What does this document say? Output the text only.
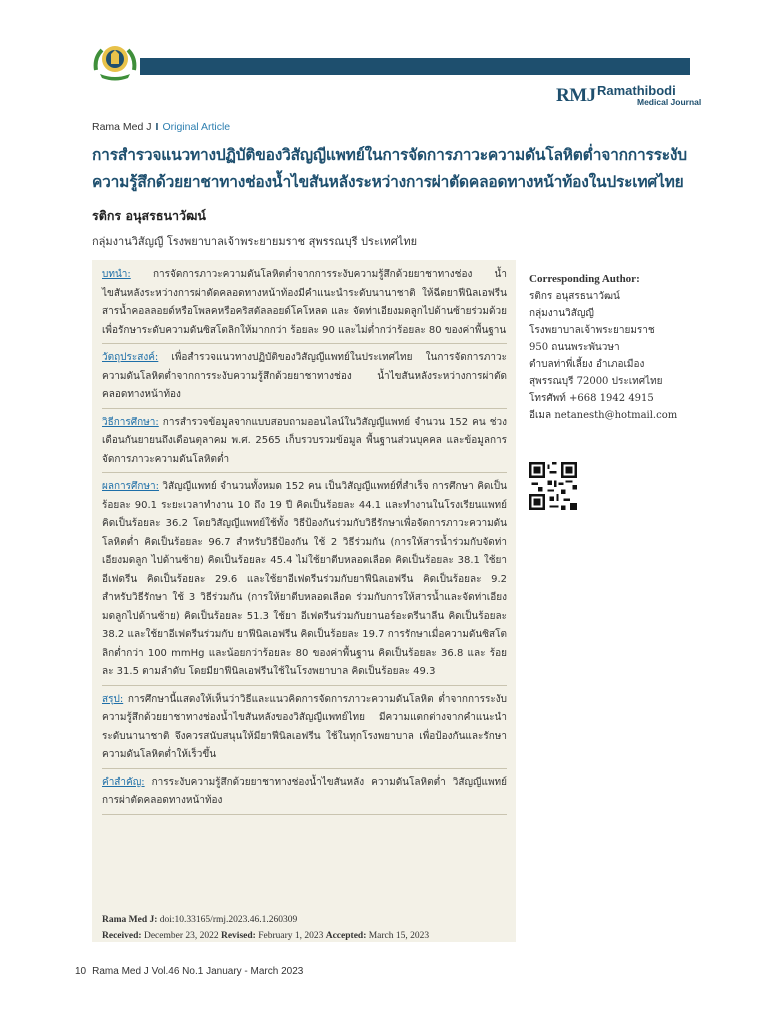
RMJ Ramathibodi
Medical Journal
Rama Med J I Original Article
การสำรวจแนวทางปฏิบัติของวิสัญญีแพทย์ในการจัดการภาวะความดันโลหิตต่ำจากการระงับ
ความรู้สึกด้วยยาชาทางช่องน้ำไขสันหลังระหว่างการผ่าตัดคลอดทางหน้าท้องในประเทศไทย
รติกร อนุสรธนาวัฒน์
กลุ่มงานวิสัญญี โรงพยาบาลเจ้าพระยายมราช สุพรรณบุรี ประเทศไทย
บทนำ: การจัดการภาวะความดันโลหิตต่ำจากการระงับความรู้สึกด้วยยาชาทางช่อง น้ำไขสันหลังระหว่างการผ่าตัดคลอดทางหน้าท้องมีคำแนะนำระดับนานาชาติ ให้ฉีดยาฟีนิลเอฟรีน สารน้ำคอลลอยด์หรือโพลคหรือคริสตัลลอยด์โคโหลด และ จัดท่าเอียงมดลูกไปด้านซ้ายร่วมด้วย เพื่อรักษาระดับความดันซิสโตลิกให้มากกว่า ร้อยละ 90 และไม่ต่ำกว่าร้อยละ 80 ของค่าพื้นฐาน
วัตถุประสงค์: เพื่อสำรวจแนวทางปฏิบัติของวิสัญญีแพทย์ในประเทศไทย ในการจัดการภาวะความดันโลหิตต่ำจากการระงับความรู้สึกด้วยยาชาทางช่อง	น้ำไขสันหลังระหว่างการผ่าตัดคลอดทางหน้าท้อง
วิธีการศึกษา: การสำรวจข้อมูลจากแบบสอบถามออนไลน์ในวิสัญญีแพทย์ จำนวน 152 คน ช่วงเดือนกันยายนถึงเดือนตุลาคม พ.ศ. 2565 เก็บรวบรวมข้อมูล พื้นฐานส่วนบุคคล และข้อมูลการจัดการภาวะความดันโลหิตต่ำ
ผลการศึกษา: วิสัญญีแพทย์ จำนวนทั้งหมด 152 คน เป็นวิสัญญีแพทย์ที่สำเร็จ การศึกษา คิดเป็นร้อยละ 90.1 ระยะเวลาทำงาน 10 ถึง 19 ปี คิดเป็นร้อยละ 44.1 และทำงานในโรงเรียนแพทย์ คิดเป็นร้อยละ 36.2 โดยวิสัญญีแพทย์ใช้ทั้ง วิธีป้องกันร่วมกับวิธีรักษาเพื่อจัดการภาวะความดันโลหิตต่ำ คิดเป็นร้อยละ 96.7 สำหรับวิธีป้องกัน ใช้ 2 วิธีร่วมกัน (การให้สารน้ำร่วมกับจัดท่าเอียงมดลูก ไปด้านซ้าย) คิดเป็นร้อยละ 45.4 ไม่ใช้ยาตีบหลอดเลือด คิดเป็นร้อยละ 38.1 ใช้ยาอีเฟดรีน คิดเป็นร้อยละ 29.6 และใช้ยาอีเฟดรีนร่วมกับยาฟีนิลเอฟรีน คิดเป็นร้อยละ 9.2 สำหรับวิธีรักษา ใช้ 3 วิธีร่วมกัน (การให้ยาตีบหลอดเลือด ร่วมกับการให้สารน้ำและจัดท่าเอียงมดลูกไปด้านซ้าย) คิดเป็นร้อยละ 51.3 ใช้ยา อีเฟดรีนร่วมกับยานอร์อะดรีนาลีน คิดเป็นร้อยละ 38.2 และใช้ยาอีเฟดรีนร่วมกับ ยาฟีนิลเอฟรีน คิดเป็นร้อยละ 19.7 การรักษาเมื่อความดันซิสโตลิกต่ำกว่า 100 mmHg และน้อยกว่าร้อยละ 80 ของค่าพื้นฐาน คิดเป็นร้อยละ 36.8 และ ร้อยละ 31.5 ตามลำดับ โดยมียาฟีนิลเอฟรีนใช้ในโรงพยาบาล คิดเป็นร้อยละ 49.3
สรุป: การศึกษานี้แสดงให้เห็นว่าวิธีและแนวคิดการจัดการภาวะความดันโลหิต ต่ำจากการระงับความรู้สึกด้วยยาชาทางช่องน้ำไขสันหลังของวิสัญญีแพทย์ไทย มีความแตกต่างจากคำแนะนำระดับนานาชาติ จึงควรสนับสนุนให้มียาฟีนิลเอฟรีน ใช้ในทุกโรงพยาบาล เพื่อป้องกันและรักษาความดันโลหิตต่ำให้เร็วขึ้น
คำสำคัญ: การระงับความรู้สึกด้วยยาชาทางช่องน้ำไขสันหลัง ความดันโลหิตต่ำ วิสัญญีแพทย์ การผ่าตัดคลอดทางหน้าท้อง
Rama Med J: doi:10.33165/rmj.2023.46.1.260309
Received: December 23, 2022 Revised: February 1, 2023 Accepted: March 15, 2023
Corresponding Author:
รติกร อนุสรธนาวัฒน์
กลุ่มงานวิสัญญี
โรงพยาบาลเจ้าพระยายมราช
950 ถนนพระพันวษา
ตำบลท่าพี่เลี้ยง อำเภอเมือง
สุพรรณบุรี 72000 ประเทศไทย
โทรศัพท์ +668 1942 4915
อีเมล netanesth@hotmail.com
10 Rama Med J Vol.46 No.1 January - March 2023
